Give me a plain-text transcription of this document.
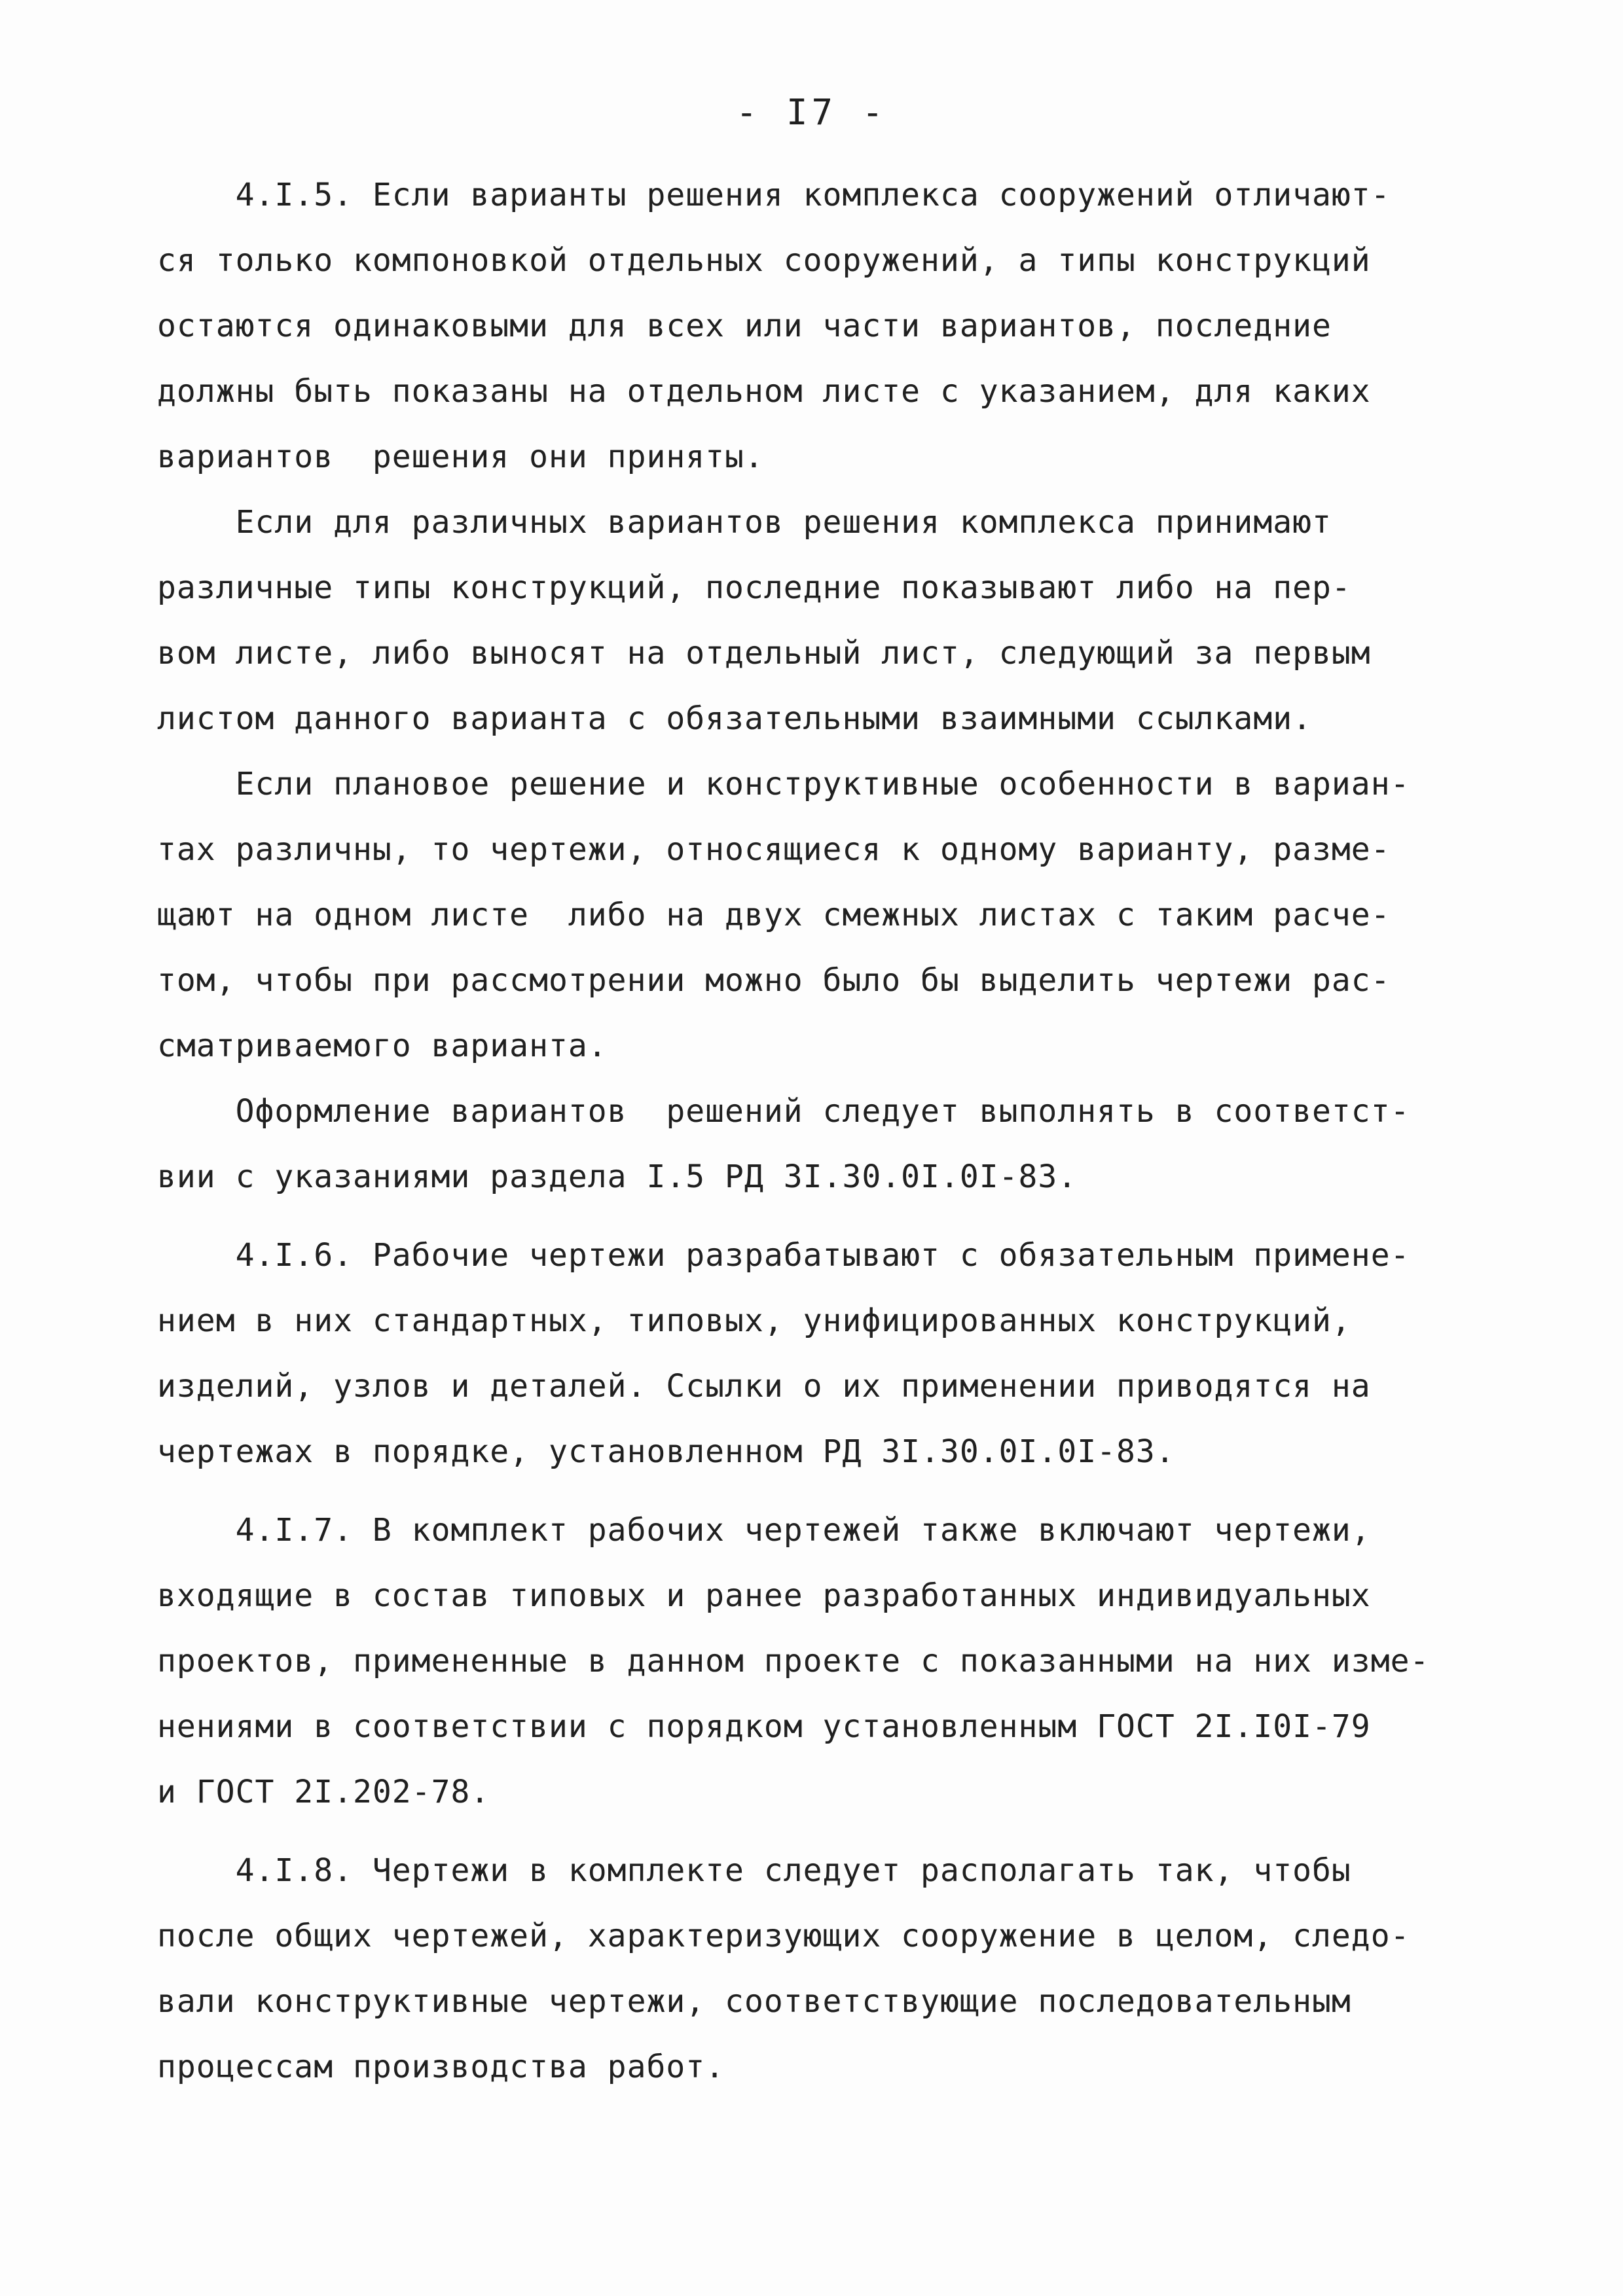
- I7 -
4.I.5. Если варианты решения комплекса сооружений отличают-
ся только компоновкой отдельных сооружений, а типы конструкций
остаются одинаковыми для всех или части вариантов, последние
должны быть показаны на отдельном листе с указанием, для каких
вариантов  решения они приняты.
Если для различных вариантов решения комплекса принимают
различные типы конструкций, последние показывают либо на пер-
вом листе, либо выносят на отдельный лист, следующий за первым
листом данного варианта с обязательными взаимными ссылками.
Если плановое решение и конструктивные особенности в вариан-
тах различны, то чертежи, относящиеся к одному варианту, разме-
щают на одном листе  либо на двух смежных листах с таким расче-
том, чтобы при рассмотрении можно было бы выделить чертежи рас-
сматриваемого варианта.
Оформление вариантов  решений следует выполнять в соответст-
вии с указаниями раздела I.5 РД 3I.30.0I.0I-83.
4.I.6. Рабочие чертежи разрабатывают с обязательным примене-
нием в них стандартных, типовых, унифицированных конструкций,
изделий, узлов и деталей. Ссылки о их применении приводятся на
чертежах в порядке, установленном РД 3I.30.0I.0I-83.
4.I.7. В комплект рабочих чертежей также включают чертежи,
входящие в состав типовых и ранее разработанных индивидуальных
проектов, примененные в данном проекте с показанными на них изме-
нениями в соответствии с порядком установленным ГОСТ 2I.I0I-79
и ГОСТ 2I.202-78.
4.I.8. Чертежи в комплекте следует располагать так, чтобы
после общих чертежей, характеризующих сооружение в целом, следо-
вали конструктивные чертежи, соответствующие последовательным
процессам производства работ.
